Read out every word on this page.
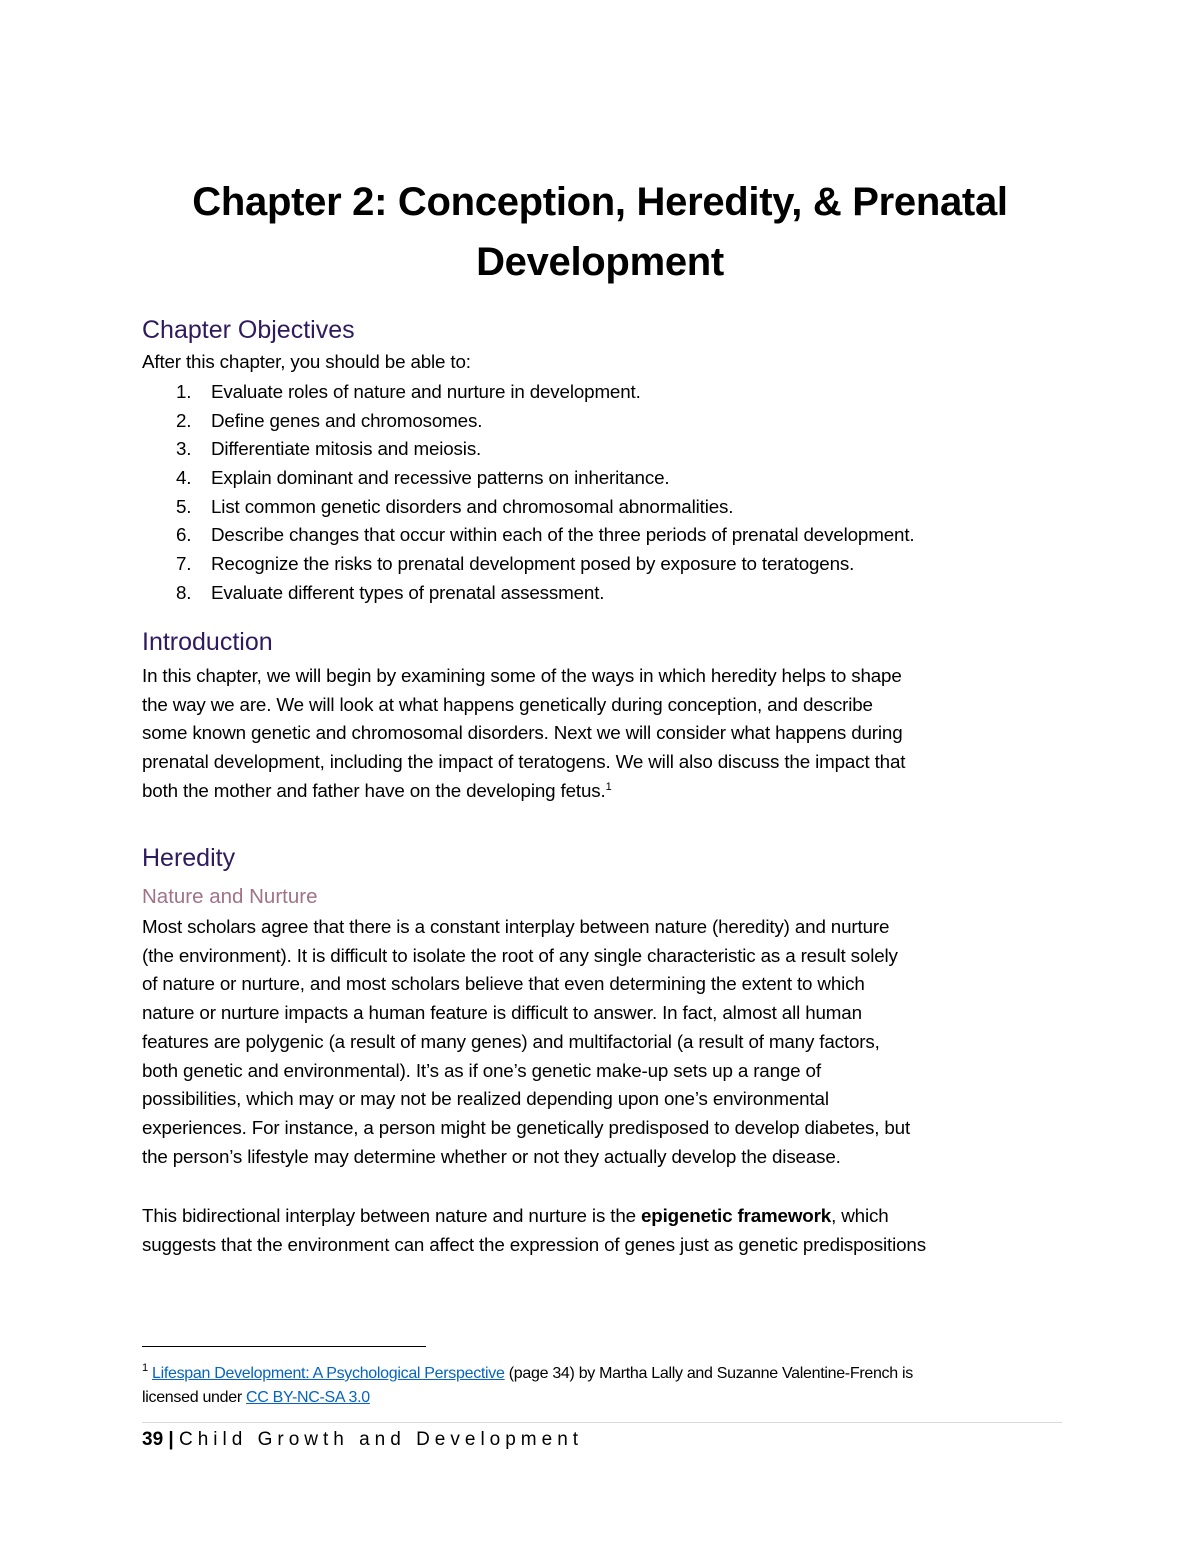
Chapter 2: Conception, Heredity, & Prenatal
Development
Chapter Objectives

After this chapter, you should be able to:

1. Evaluate roles of nature and nurture in development.
2. Define genes and chromosomes.
3. Differentiate mitosis and meiosis.
4. Explain dominant and recessive patterns on inheritance.
5. List common genetic disorders and chromosomal abnormalities.
6. Describe changes that occur within each of the three periods of prenatal development.
7. Recognize the risks to prenatal development posed by exposure to teratogens.
8. Evaluate different types of prenatal assessment.
Introduction
In this chapter, we will begin by examining some of the ways in which heredity helps to shape
the way we are. We will look at what happens genetically during conception, and describe
some known genetic and chromosomal disorders. Next we will consider what happens during
prenatal development, including the impact of teratogens. We will also discuss the impact that
both the mother and father have on the developing fetus.$^1$
Heredity
Nature and Nurture
Most scholars agree that there is a constant interplay between nature (heredity) and nurture
(the environment). It is difficult to isolate the root of any single characteristic as a result solely
of nature or nurture, and most scholars believe that even determining the extent to which
nature or nurture impacts a human feature is difficult to answer. In fact, almost all human
features are polygenic (a result of many genes) and multifactorial (a result of many factors,
both genetic and environmental). It’s as if one’s genetic make-up sets up a range of
possibilities, which may or may not be realized depending upon one’s environmental
experiences. For instance, a person might be genetically predisposed to develop diabetes, but
the person’s lifestyle may determine whether or not they actually develop the disease.
This bidirectional interplay between nature and nurture is the epigenetic framework, which
suggests that the environment can affect the expression of genes just as genetic predispositions
$^1$ Lifespan Development: A Psychological Perspective (page 34) by Martha Lally and Suzanne Valentine-French is
licensed under CC BY-NC-SA 3.0
39 | Child Growth and Development
